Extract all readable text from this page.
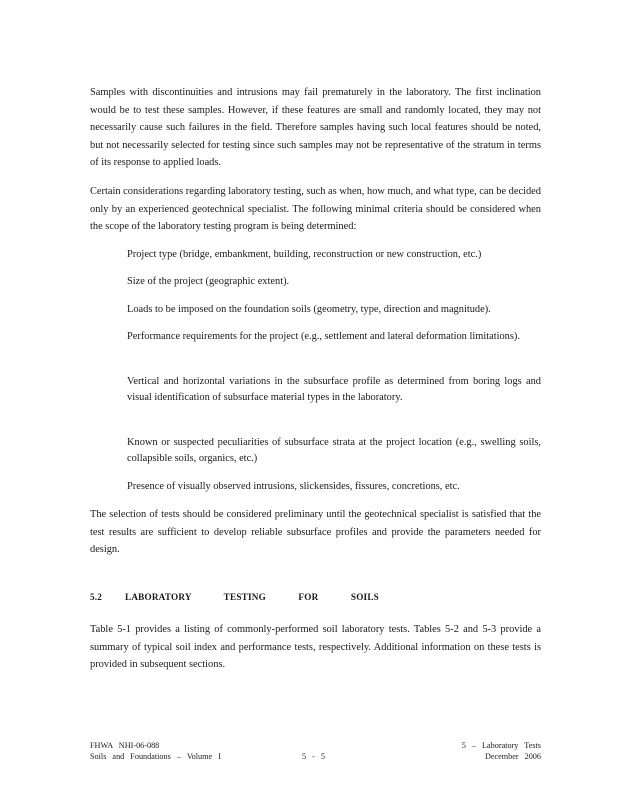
Samples with discontinuities and intrusions may fail prematurely in the laboratory. The first inclination would be to test these samples. However, if these features are small and randomly located, they may not necessarily cause such failures in the field. Therefore samples having such local features should be noted, but not necessarily selected for testing since such samples may not be representative of the stratum in terms of its response to applied loads.

Certain considerations regarding laboratory testing, such as when, how much, and what type, can be decided only by an experienced geotechnical specialist. The following minimal criteria should be considered when the scope of the laboratory testing program is being determined:

Project type (bridge, embankment, building, reconstruction or new construction, etc.)
Size of the project (geographic extent).
Loads to be imposed on the foundation soils (geometry, type, direction and magnitude).
Performance requirements for the project (e.g., settlement and lateral deformation limitations).
Vertical and horizontal variations in the subsurface profile as determined from boring logs and visual identification of subsurface material types in the laboratory.
Known or suspected peculiarities of subsurface strata at the project location (e.g., swelling soils, collapsible soils, organics, etc.)
Presence of visually observed intrusions, slickensides, fissures, concretions, etc.

The selection of tests should be considered preliminary until the geotechnical specialist is satisfied that the test results are sufficient to develop reliable subsurface profiles and provide the parameters needed for design.

5.2	LABORATORY TESTING FOR SOILS

Table 5-1 provides a listing of commonly-performed soil laboratory tests. Tables 5-2 and 5-3 provide a summary of typical soil index and performance tests, respectively. Additional information on these tests is provided in subsequent sections.

FHWA NHI-06-088
Soils and Foundations – Volume I	5 - 5
5 – Laboratory Tests
December 2006
